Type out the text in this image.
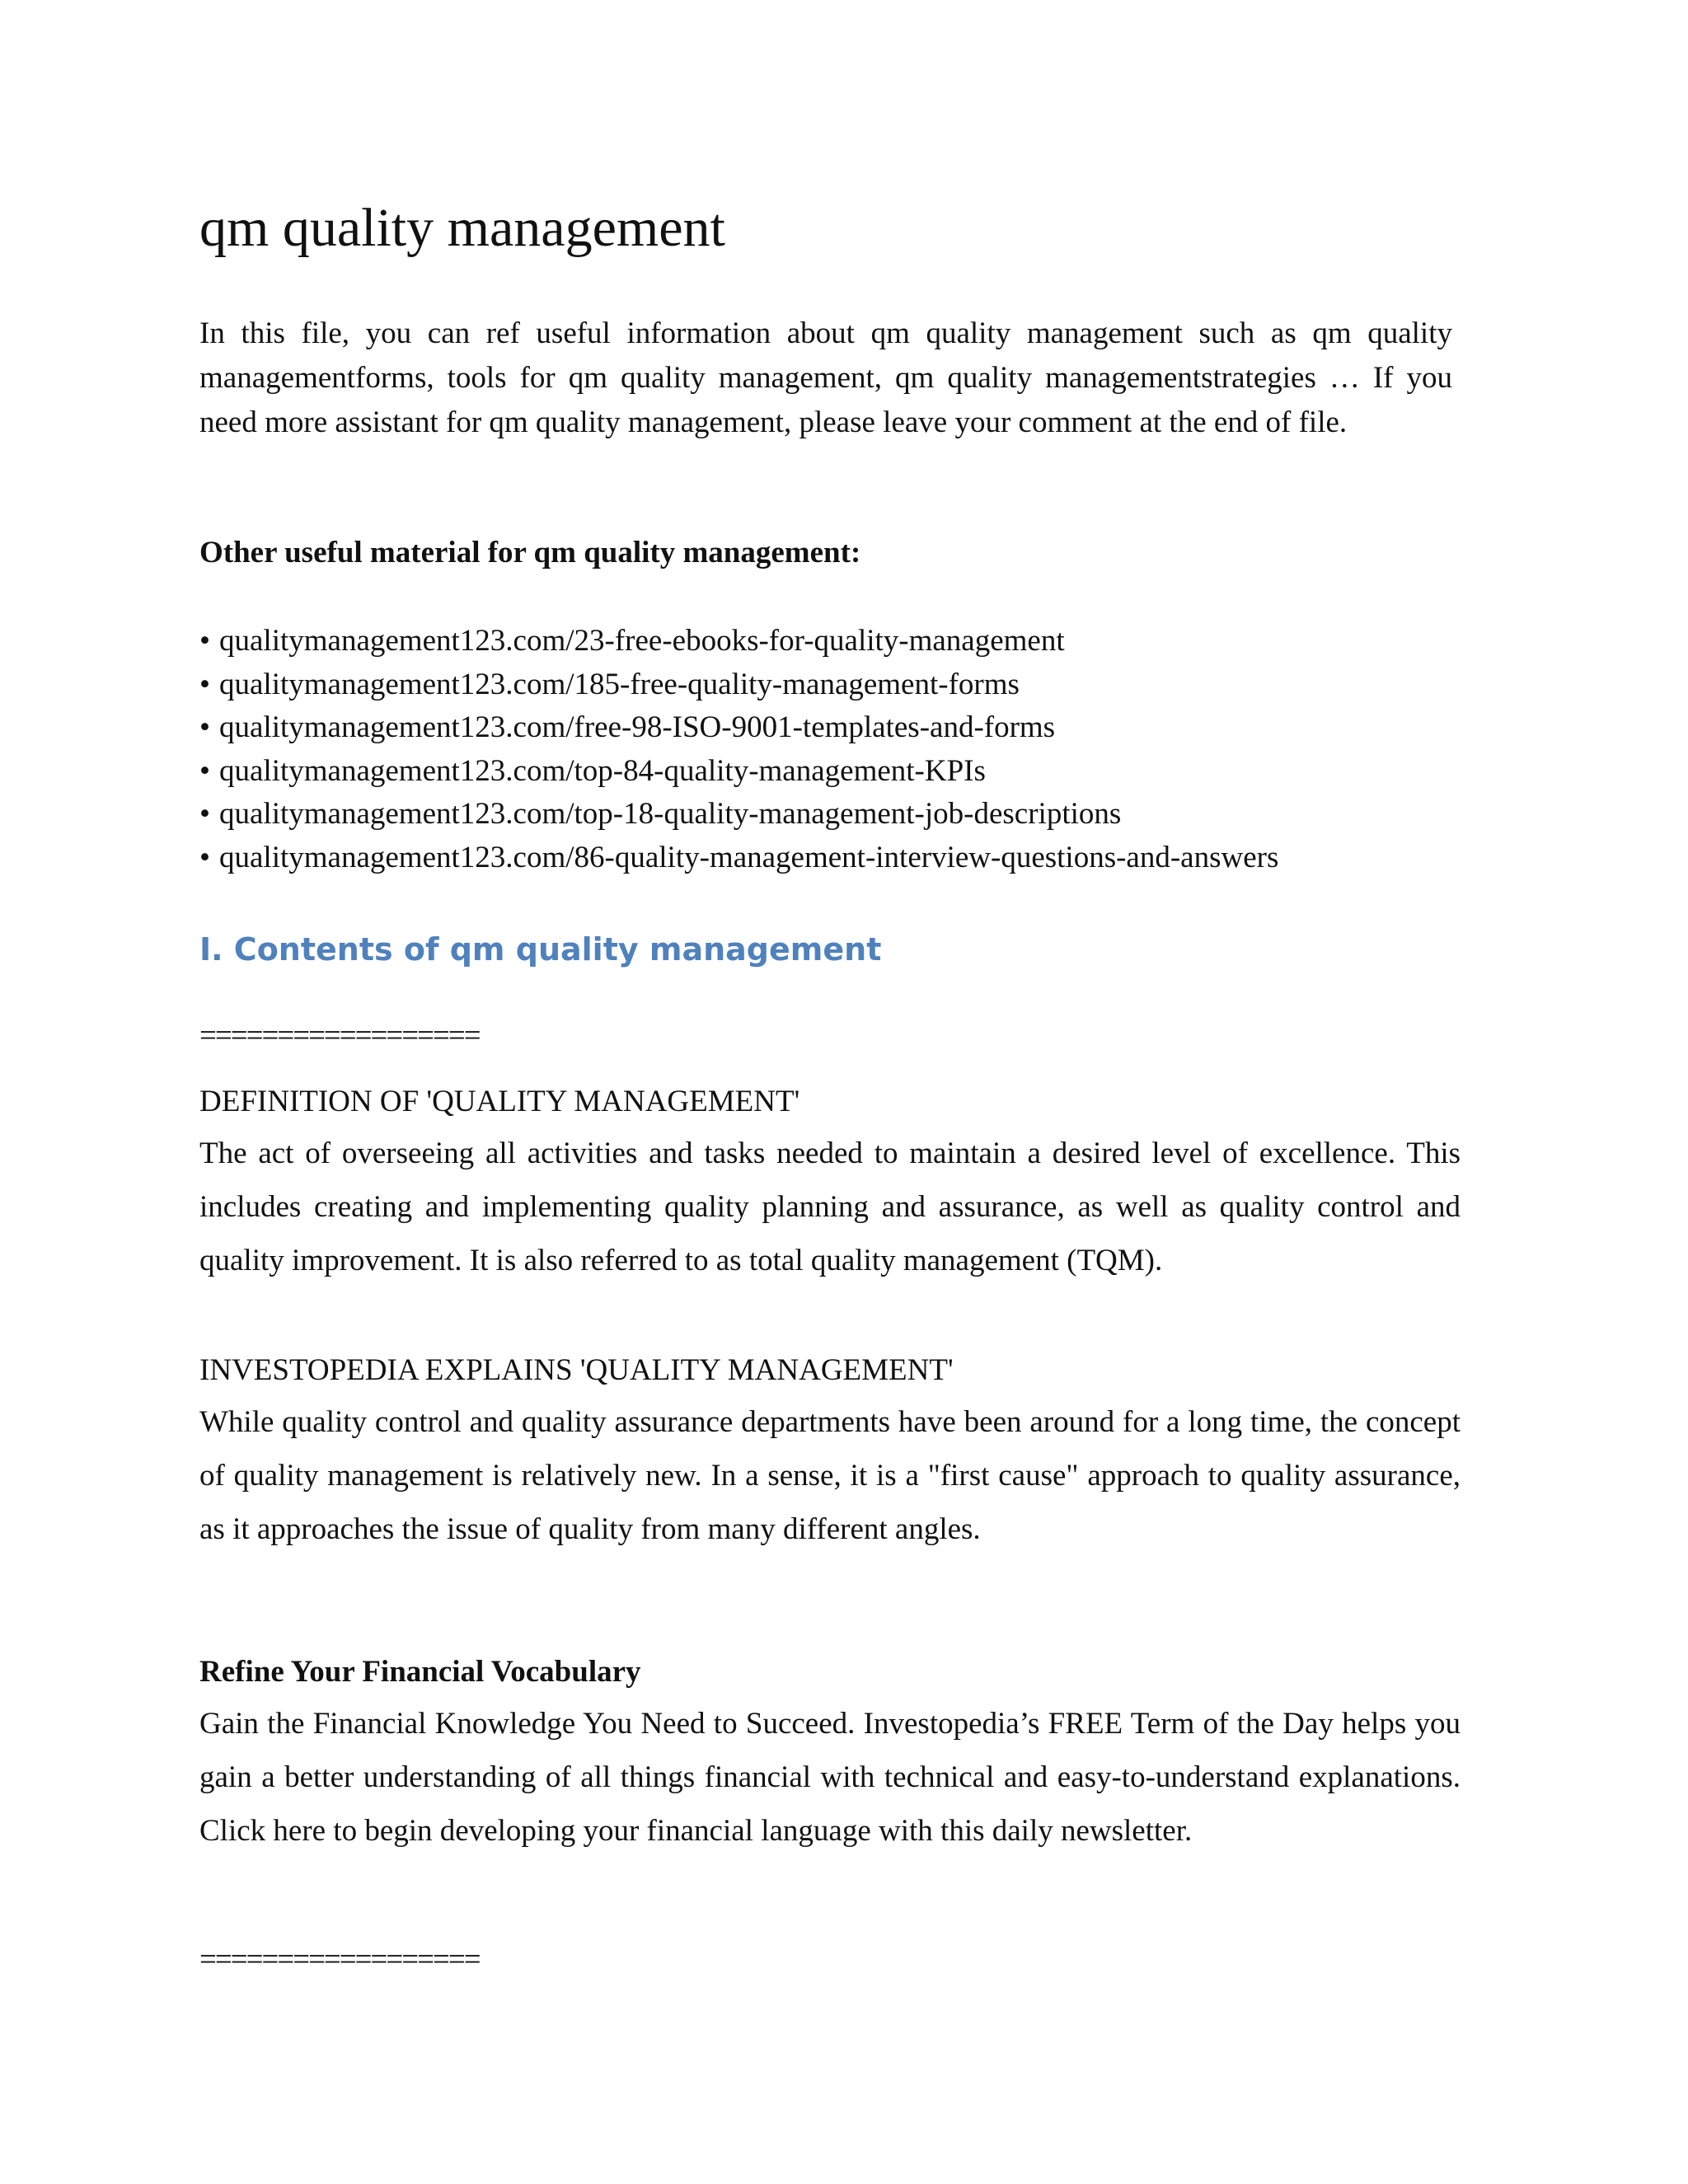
qm quality management

In this file, you can ref useful information about qm quality management such as qm quality managementforms, tools for qm quality management, qm quality managementstrategies … If you need more assistant for qm quality management, please leave your comment at the end of file.

Other useful material for qm quality management:

• qualitymanagement123.com/23-free-ebooks-for-quality-management
• qualitymanagement123.com/185-free-quality-management-forms
• qualitymanagement123.com/free-98-ISO-9001-templates-and-forms
• qualitymanagement123.com/top-84-quality-management-KPIs
• qualitymanagement123.com/top-18-quality-management-job-descriptions
• qualitymanagement123.com/86-quality-management-interview-questions-and-answers
I. Contents of qm quality management
==================

DEFINITION OF 'QUALITY MANAGEMENT'

The act of overseeing all activities and tasks needed to maintain a desired level of excellence. This includes creating and implementing quality planning and assurance, as well as quality control and quality improvement. It is also referred to as total quality management (TQM).

INVESTOPEDIA EXPLAINS 'QUALITY MANAGEMENT'

While quality control and quality assurance departments have been around for a long time, the concept of quality management is relatively new. In a sense, it is a "first cause" approach to quality assurance, as it approaches the issue of quality from many different angles.

Refine Your Financial Vocabulary

Gain the Financial Knowledge You Need to Succeed. Investopedia’s FREE Term of the Day helps you gain a better understanding of all things financial with technical and easy-to-understand explanations. Click here to begin developing your financial language with this daily newsletter.

==================
